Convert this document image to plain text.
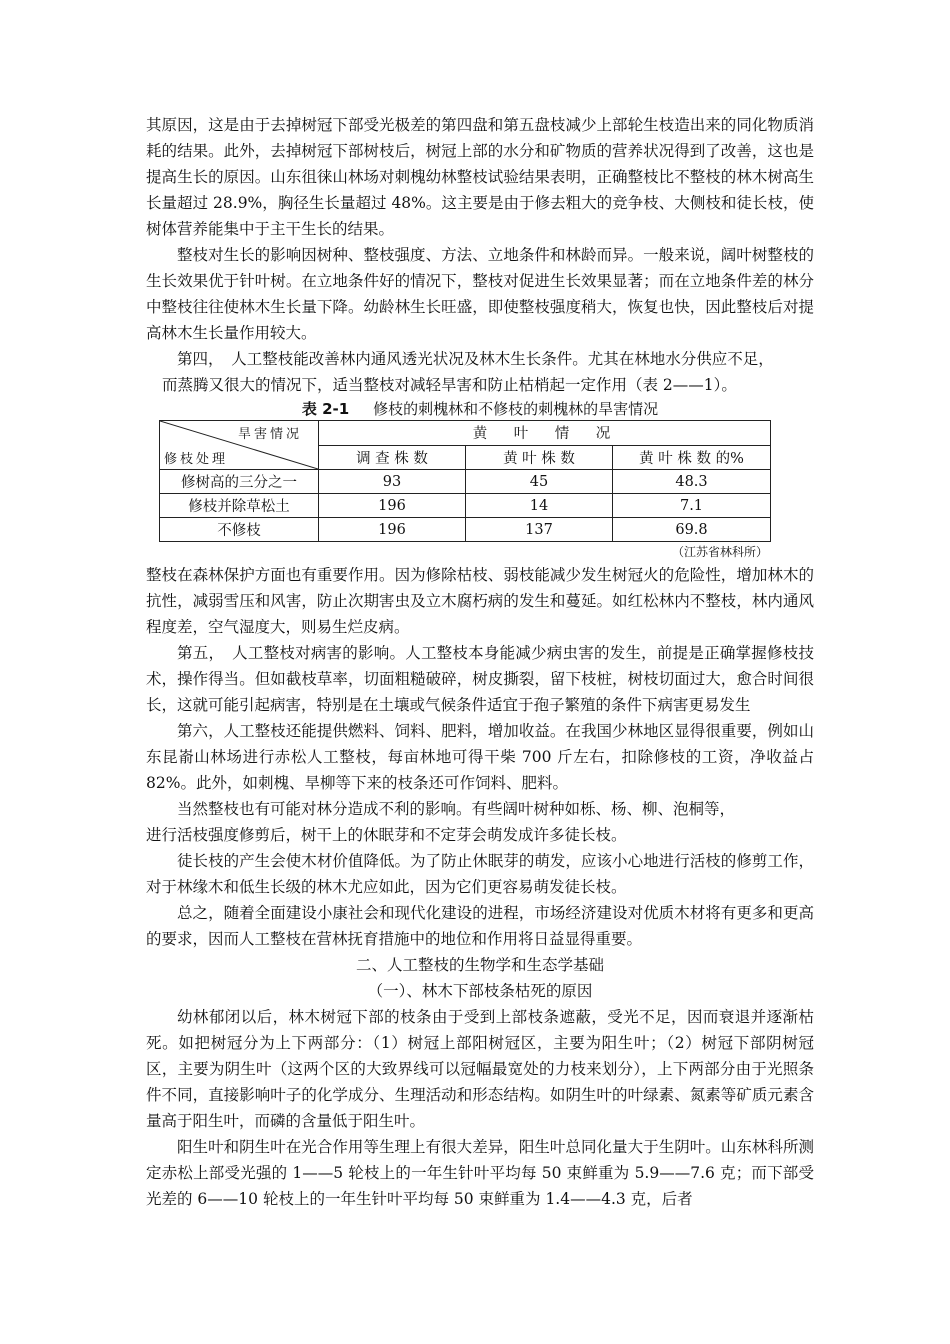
其原因，这是由于去掉树冠下部受光极差的第四盘和第五盘枝减少上部轮生枝造出来的同化物质消耗的结果。此外，去掉树冠下部树枝后，树冠上部的水分和矿物质的营养状况得到了改善，这也是提高生长的原因。山东徂徕山林场对刺槐幼林整枝试验结果表明，正确整枝比不整枝的林木树高生长量超过 28.9%，胸径生长量超过 48%。这主要是由于修去粗大的竞争枝、大侧枝和徒长枝，使树体营养能集中于主干生长的结果。

整枝对生长的影响因树种、整枝强度、方法、立地条件和林龄而异。一般来说，阔叶树整枝的生长效果优于针叶树。在立地条件好的情况下，整枝对促进生长效果显著；而在立地条件差的林分中整枝往往使林木生长量下降。幼龄林生长旺盛，即使整枝强度稍大，恢复也快，因此整枝后对提高林木生长量作用较大。

第四，　人工整枝能改善林内通风透光状况及林木生长条件。尤其在林地水分供应不足，

而蒸腾又很大的情况下，适当整枝对减轻旱害和防止枯梢起一定作用（表 2——1）。

表 2-1 修枝的刺槐林和不修枝的刺槐林的旱害情况
旱害情况
修枝处理	黄　叶　情　况		
	调 查 株 数	黄 叶 株 数	黄 叶 株 数 的%
修树高的三分之一	93	45	48.3
修枝并除草松土	196	14	7.1
不修枝	196	137	69.8
（江苏省林科所）

整枝在森林保护方面也有重要作用。因为修除枯枝、弱枝能减少发生树冠火的危险性，增加林木的抗性，减弱雪压和风害，防止次期害虫及立木腐朽病的发生和蔓延。如红松林内不整枝，林内通风程度差，空气湿度大，则易生烂皮病。

第五，　人工整枝对病害的影响。人工整枝本身能减少病虫害的发生，前提是正确掌握修枝技术，操作得当。但如截枝草率，切面粗糙破碎，树皮撕裂，留下枝桩，树枝切面过大，愈合时间很长，这就可能引起病害，特别是在土壤或气候条件适宜于孢子繁殖的条件下病害更易发生

第六，人工整枝还能提供燃料、饲料、肥料，增加收益。在我国少林地区显得很重要，例如山东昆嵛山林场进行赤松人工整枝，每亩林地可得干柴 700 斤左右，扣除修枝的工资，净收益占 82%。此外，如刺槐、旱柳等下来的枝条还可作饲料、肥料。

当然整枝也有可能对林分造成不利的影响。有些阔叶树种如栎、杨、柳、泡桐等，

进行活枝强度修剪后，树干上的休眠芽和不定芽会萌发成许多徒长枝。

徒长枝的产生会使木材价值降低。为了防止休眠芽的萌发，应该小心地进行活枝的修剪工作，对于林缘木和低生长级的林木尤应如此，因为它们更容易萌发徒长枝。

总之，随着全面建设小康社会和现代化建设的进程，市场经济建设对优质木材将有更多和更高的要求，因而人工整枝在营林抚育措施中的地位和作用将日益显得重要。

二、人工整枝的生物学和生态学基础

（一）、林木下部枝条枯死的原因

幼林郁闭以后，林木树冠下部的枝条由于受到上部枝条遮蔽，受光不足，因而衰退并逐渐枯死。如把树冠分为上下两部分：（1）树冠上部阳树冠区，主要为阳生叶；（2）树冠下部阴树冠区，主要为阴生叶（这两个区的大致界线可以冠幅最宽处的力枝来划分），上下两部分由于光照条件不同，直接影响叶子的化学成分、生理活动和形态结构。如阴生叶的叶绿素、氮素等矿质元素含量高于阳生叶，而磷的含量低于阳生叶。

阳生叶和阴生叶在光合作用等生理上有很大差异，阳生叶总同化量大于生阴叶。山东林科所测定赤松上部受光强的 1——5 轮枝上的一年生针叶平均每 50 束鲜重为 5.9——7.6 克；而下部受光差的 6——10 轮枝上的一年生针叶平均每 50 束鲜重为 1.4——4.3 克，后者
